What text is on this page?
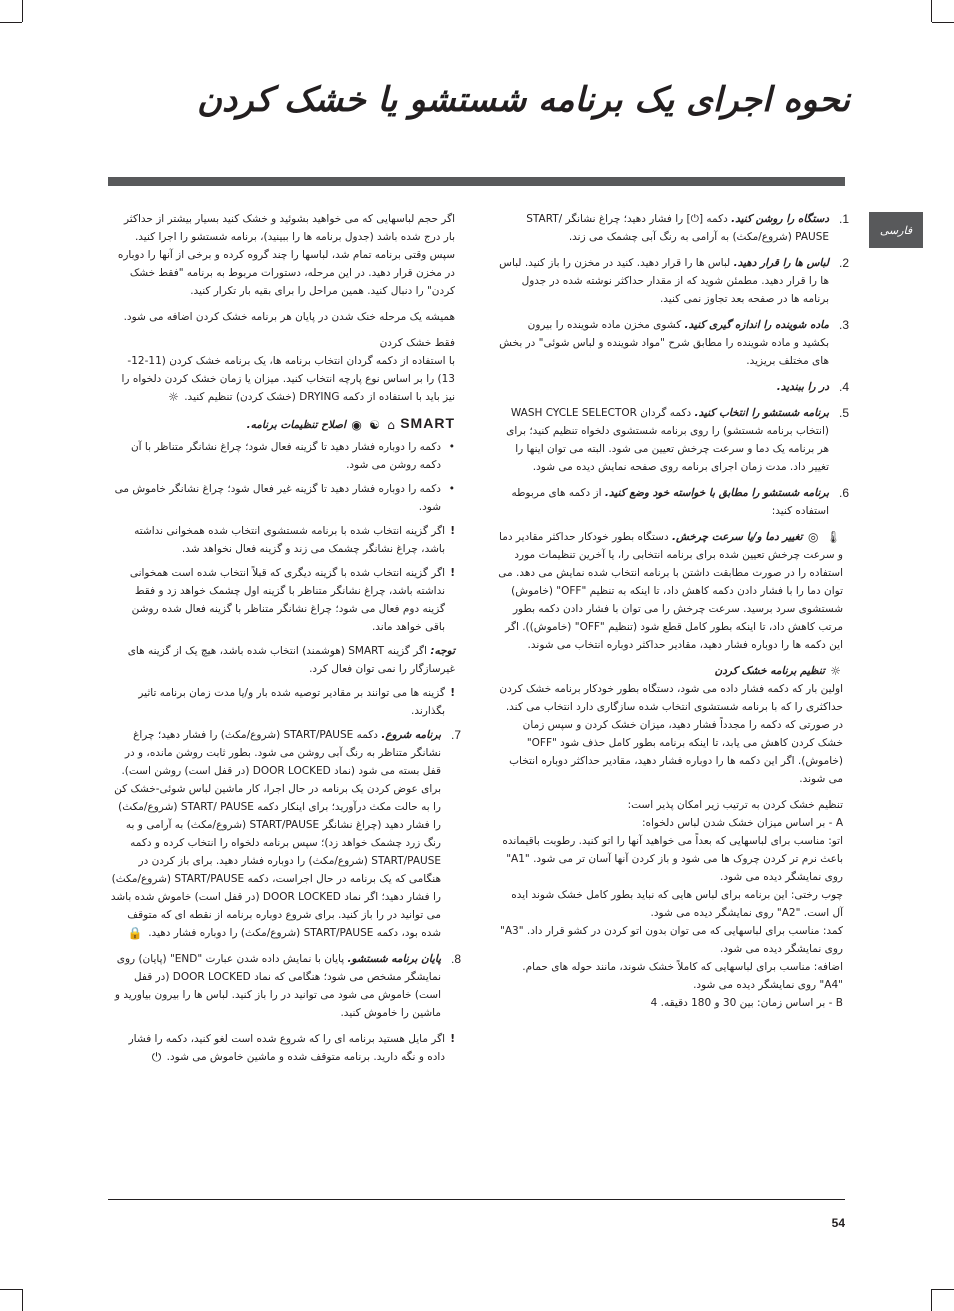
نحوه اجرای یک برنامه شستشو یا خشک کردن
فارسی
1.
دستگاه را روشن کنید. دکمه [⏻] را فشار دهید؛ چراغ نشانگر START/ PAUSE (شروع/مکث) به آرامی به رنگ آبی چشمک می زند.
2.
لباس ها را قرار دهید. لباس ها را قرار دهید. کنید در مخزن را باز کنید. لباس ها را قرار دهید. مطمئن شوید که از مقدار حداکثر نوشته شده در جدول برنامه ها در صفحه بعد تجاوز نمی کنید.
3.
ماده شوینده را اندازه گیری کنید. کشوی مخزن ماده شوینده را بیرون بکشید و ماده شوینده را مطابق شرح "مواد شوینده و لباس شوئی" در بخش های مختلف بریزید.
4.
در را ببندید.
5.
برنامه شستشو را انتخاب کنید. دکمه گردان WASH CYCLE SELECTOR (انتخاب برنامه شستشو) را روی برنامه شستشوی دلخواه تنظیم کنید؛ برای هر برنامه یک دما و سرعت چرخش تعیین می شود. البته می توان اینها را تغییر داد. مدت زمان اجرای برنامه روی صفحه نمایش دیده می شود.
6.
برنامه شستشو را مطابق با خواسته خود وضع کنید. از دکمه های مربوطه استفاده کنید:

🌡 ◎ تغییر دما و/یا سرعت چرخش. دستگاه بطور خودکار حداکثر مقادیر دما و سرعت چرخش تعیین شده برای برنامه انتخابی را، یا آخرین تنظیمات مورد استفاده را در صورت مطابقت داشتن با برنامه انتخاب شده نمایش می دهد. می توان دما را با فشار دادن دکمه کاهش داد، تا اینکه به تنظیم "OFF" (خاموش) شستشوی سرد برسید. سرعت چرخش را می توان با فشار دادن دکمه بطور مرتب کاهش داد، تا اینکه بطور کامل قطع شود (تنظیم "OFF" (خاموش)). اگر این دکمه ها را دوباره فشار دهید، مقادیر حداکثر دوباره انتخاب می شوند.

☼ تنظیم برنامه خشک کردن
اولین بار که دکمه فشار داده می شود، دستگاه بطور خودکار برنامه خشک کردن حداکثری را که با برنامه شستشوی انتخاب شده سازگاری دارد انتخاب می کند. در صورتی که دکمه را مجدداً فشار دهید، میزان خشک کردن و سپس زمان خشک کردن کاهش می یابد، تا اینکه برنامه بطور کامل حذف شود "OFF" (خاموش). اگر این دکمه ها را دوباره فشار دهید، مقادیر حداکثر دوباره انتخاب می شوند.

تنظیم خشک کردن به ترتیب زیر امکان پذیر است:
A - بر اساس میزان خشک شدن لباس دلخواه:
اتو: مناسب برای لباسهایی که بعداً می خواهید آنها را اتو کنید. رطوبت باقیمانده باعث نرم تر کردن چروک ها می شود و باز کردن آنها آسان تر می شود. "A1" روی نمایشگر دیده می شود.
چوب رختی: این برنامه برای لباس هایی که نباید بطور کامل خشک شوند ایده آل است. "A2" روی نمایشگر دیده می شود.
کمد: مناسب برای لباسهایی که می توان بدون اتو کردن در کشو قرار داد. "A3" روی نمایشگر دیده می شود.
اضافه: مناسب برای لباسهایی که کاملاً خشک شوند، مانند حوله های حمام. "A4" روی نمایشگر دیده می شود.
B - بر اساس زمان: بین 30 و 180 دقیقه. 4

اگر حجم لباسهایی که می خواهید بشوئید و خشک کنید بسیار بیشتر از حداکثر بار درج شده باشد (جدول برنامه ها را ببینید)، برنامه شستشو را اجرا کنید. سپس وقتی برنامه تمام شد، لباسها را چند گروه کرده و برخی از آنها را دوباره در مخزن قرار دهید. در این مرحله، دستورات مربوط به برنامه "فقط خشک کردن" را دنبال کنید. همین مراحل را برای بقیه بار تکرار کنید.

همیشه یک مرحله خنک شدن در پایان هر برنامه خشک کردن اضافه می شود.

فقط خشک کردن
با استفاده از دکمه گردان انتخاب برنامه ها، یک برنامه خشک کردن (11-12-13) را بر اساس نوع پارچه انتخاب کنید. میزان یا زمان خشک کردن دلخواه را نیز باید با استفاده از دکمه DRYING (خشک کردن) تنظیم کنید. ☼

SMART ⌂ ☯ ◉ اصلاح تنظیمات برنامه.

• دکمه را دوباره فشار دهید تا گزینه فعال شود؛ چراغ نشانگر متناظر با آن دکمه روشن می شود.
• دکمه را دوباره فشار دهید تا گزینه غیر فعال شود؛ چراغ نشانگر خاموش می شود.
! اگر گزینه انتخاب شده با برنامه شستشوی انتخاب شده همخوانی نداشته باشد، چراغ نشانگر چشمک می زند و گزینه فعال نخواهد شد.
! اگر گزینه انتخاب شده با گزینه دیگری که قبلاً انتخاب شده است همخوانی نداشته باشد، چراغ نشانگر متناظر با گزینه اول چشمک خواهد زد و فقط گزینه دوم فعال می شود؛ چراغ نشانگر متناظر با گزینه فعال شده روشن باقی خواهد ماند.

توجه: اگر گزینه SMART (هوشمند) انتخاب شده باشد، هیچ یک از گزینه های غیرسازگار را نمی توان فعال کرد.

! گزینه ها می توانند بر مقادیر توصیه شده بار و/یا مدت زمان برنامه تاثیر بگذارند.
7.
برنامه شروع. دکمه START/PAUSE (شروع/مکث) را فشار دهید؛ چراغ نشانگر متناظر به رنگ آبی روشن می شود. بطور ثابت روشن مانده، و در قفل بسته می شود (نماد DOOR LOCKED (در قفل است) روشن است). برای عوض کردن یک برنامه در حال اجرا، کار ماشین لباس شوئی-خشک کن را به حالت مکث درآورید؛ برای اینکار دکمه START/ PAUSE (شروع/مکث) را فشار دهید (چراغ نشانگر START/PAUSE (شروع/مکث) به آرامی و به رنگ زرد چشمک خواهد زد)؛ سپس برنامه دلخواه را انتخاب کرده و دکمه START/PAUSE (شروع/مکث) را دوباره فشار دهید. برای باز کردن در هنگامی که یک برنامه در حال اجراست، دکمه START/PAUSE (شروع/مکث) را فشار دهید؛ اگر نماد DOOR LOCKED (در قفل است) خاموش شده باشد می توانید در را باز کنید. برای شروع دوباره برنامه از نقطه ای که متوقف شده بود، دکمه START/PAUSE (شروع/مکث) را دوباره فشار دهید. 🔒
8.
پایان برنامه شستشو. پایان با نمایش داده شدن عبارت "END" (پایان) روی نمایشگر مشخص می شود؛ هنگامی که نماد DOOR LOCKED (در قفل است) خاموش می شود می توانید در را باز کنید. لباس ها را بیرون بیاورید و ماشین را خاموش کنید.
! اگر مایل هستید برنامه ای را که شروع شده است لغو کنید، دکمه را فشار داده و نگه دارید. برنامه متوقف شده و ماشین خاموش می شود. ⏻
54
